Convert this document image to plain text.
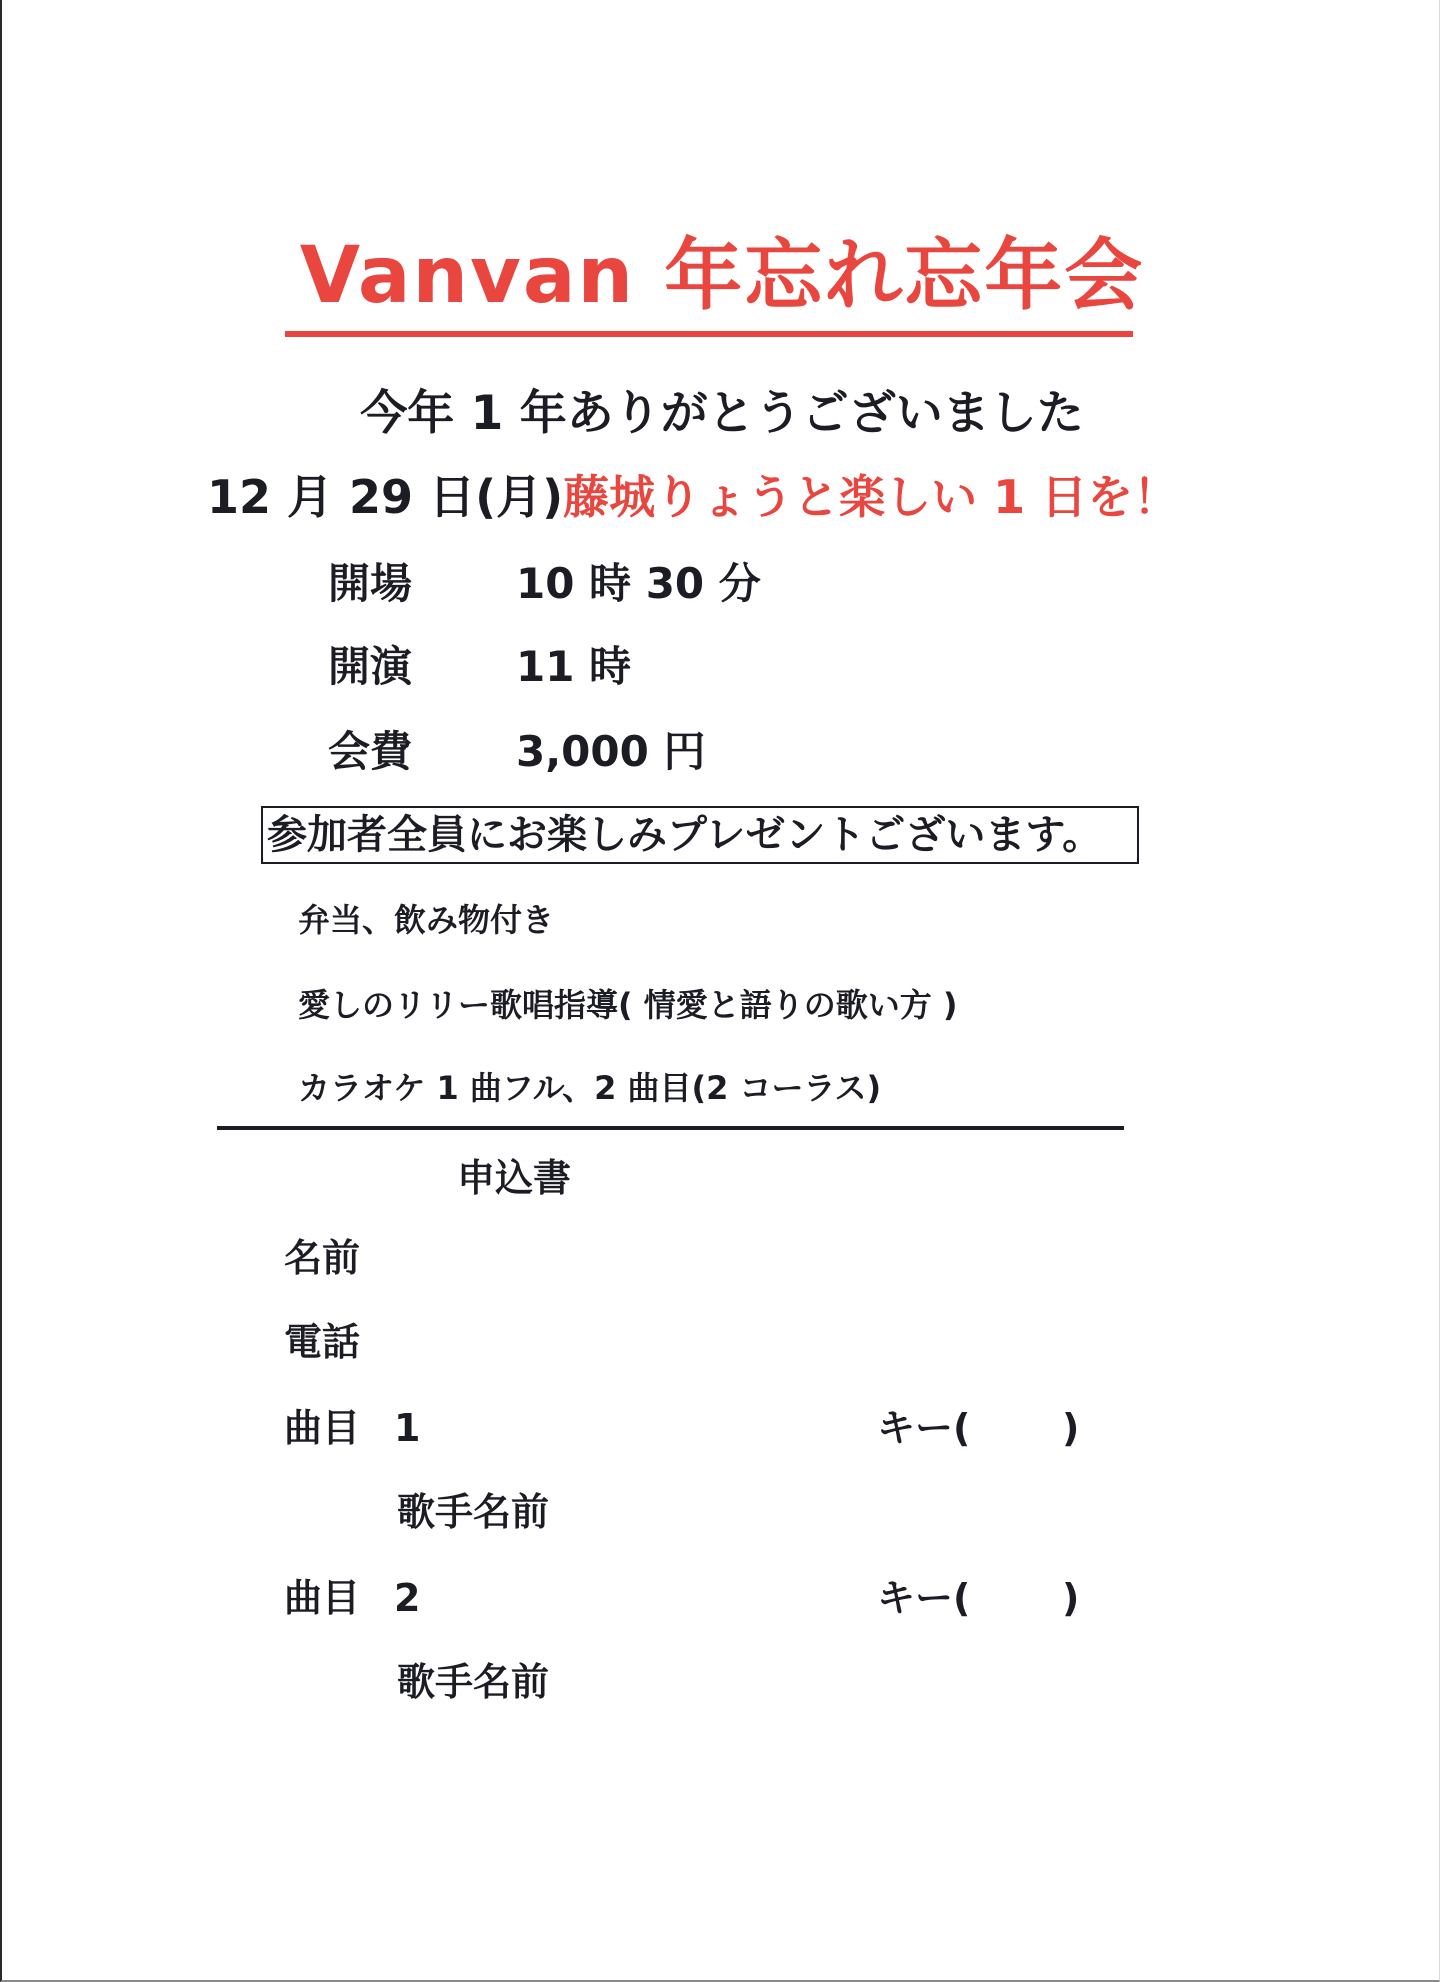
Vanvan 年忘れ忘年会
今年 1 年ありがとうございました
12 月 29 日(月)藤城りょうと楽しい 1 日を！
開場 10 時 30 分
開演 11 時
会費 3,000 円
参加者全員にお楽しみプレゼントございます。
弁当、飲み物付き
愛しのリリー歌唱指導( 情愛と語りの歌い方 )
カラオケ 1 曲フル、2 曲目(2 コーラス)
申込書
名前
電話
曲目 1	キー( )
歌手名前
曲目 2	キー( )
歌手名前
